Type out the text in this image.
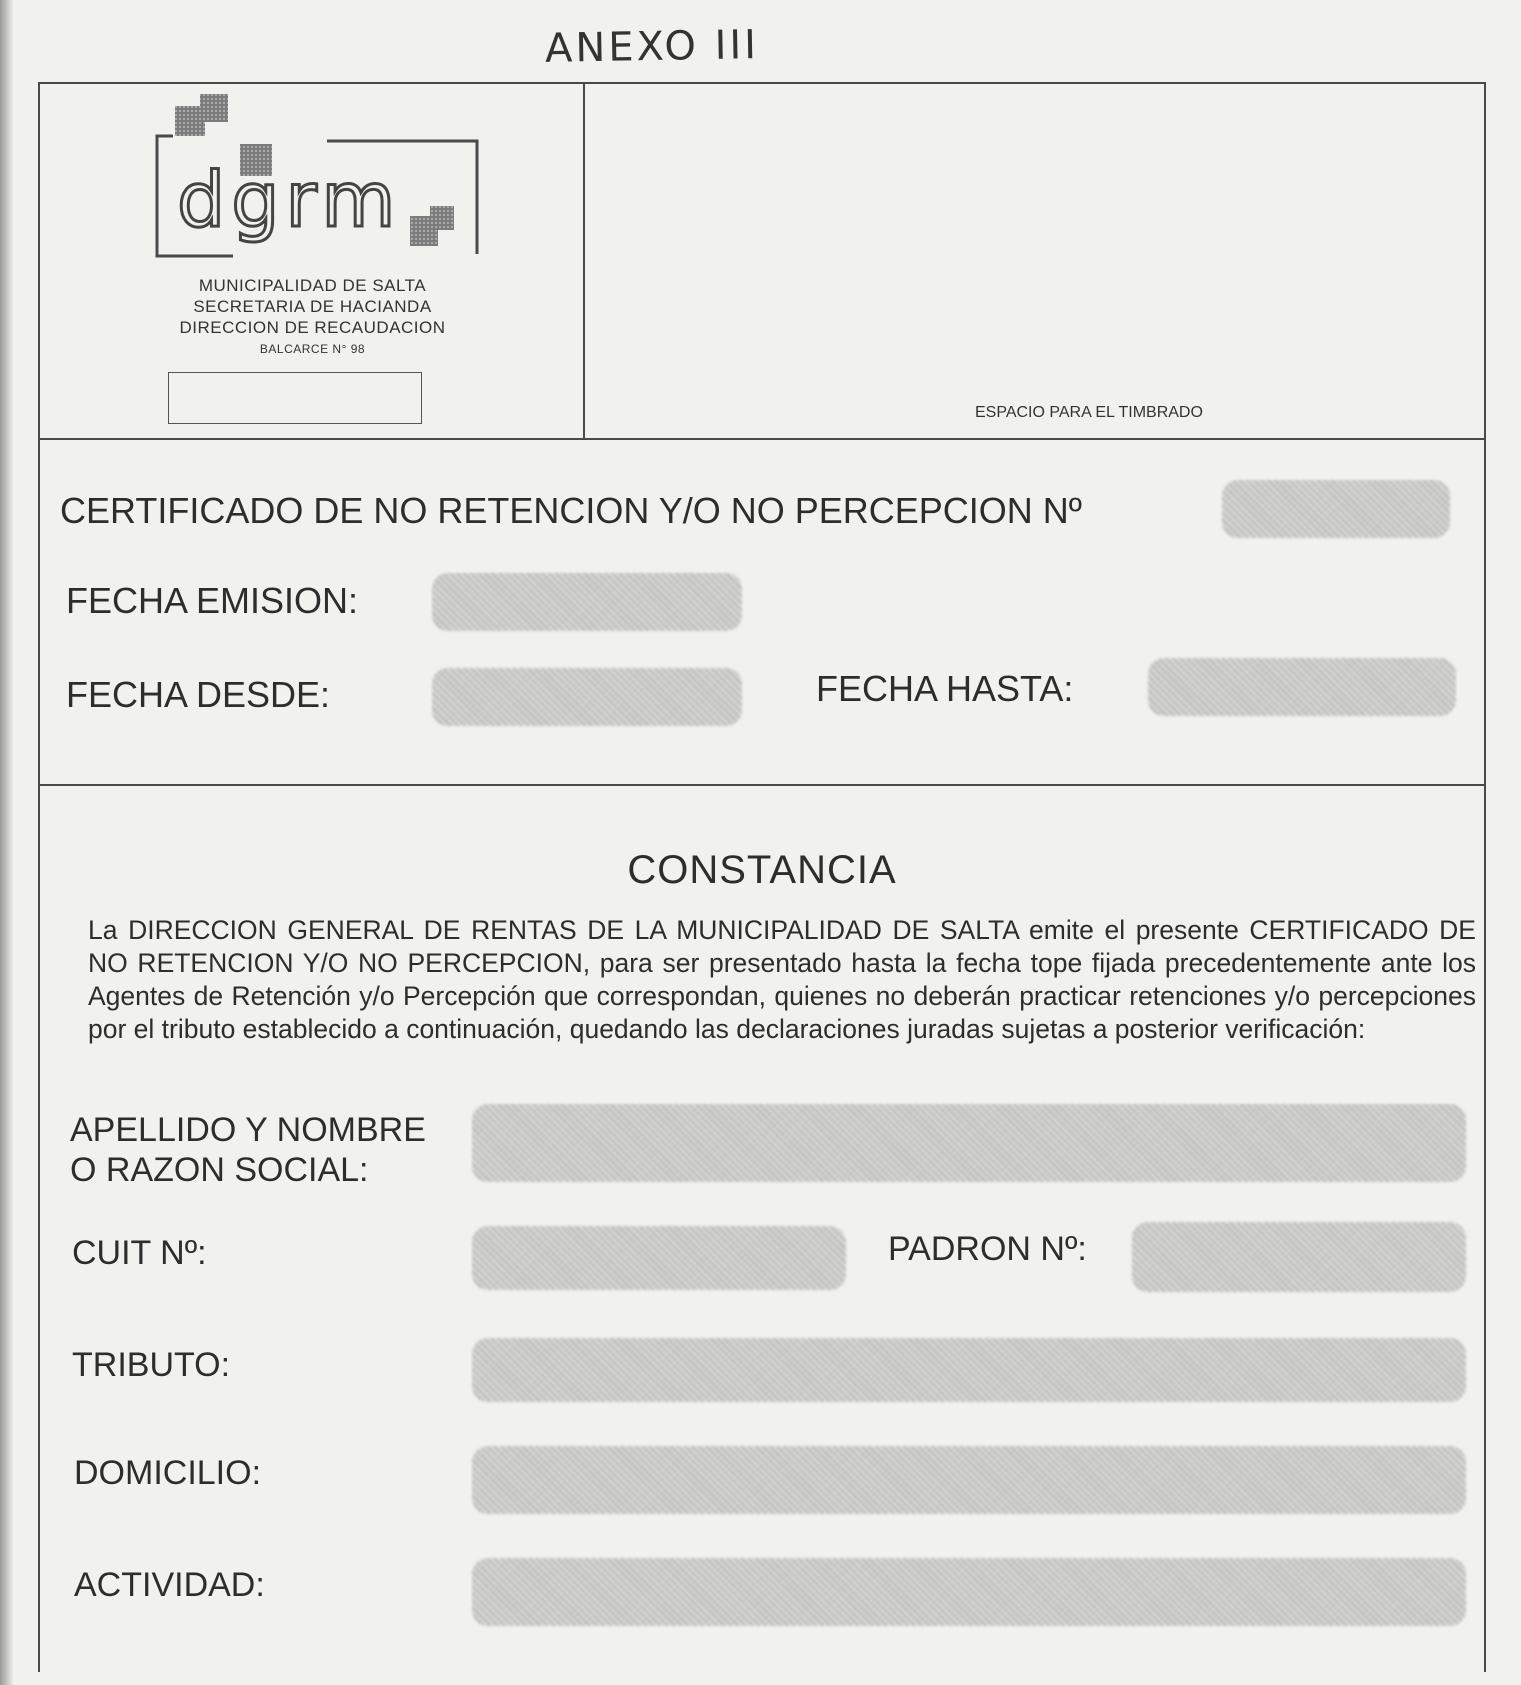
ANEXO III
dgrm
MUNICIPALIDAD DE SALTA
SECRETARIA DE HACIANDA
DIRECCION DE RECAUDACION
BALCARCE N° 98
ESPACIO PARA EL TIMBRADO
CERTIFICADO DE NO RETENCION Y/O NO PERCEPCION Nº
FECHA EMISION:
FECHA DESDE:	FECHA HASTA:
CONSTANCIA
La DIRECCION GENERAL DE RENTAS DE LA MUNICIPALIDAD DE SALTA emite el presente CERTIFICADO DE NO RETENCION Y/O NO PERCEPCION, para ser presentado hasta la fecha tope fijada precedentemente ante los Agentes de Retención y/o Percepción que correspondan, quienes no deberán practicar retenciones y/o percepciones por el tributo establecido a continuación, quedando las declaraciones juradas sujetas a posterior verificación:
APELLIDO Y NOMBRE
O RAZON SOCIAL:
CUIT Nº:	PADRON Nº:
TRIBUTO:
DOMICILIO:
ACTIVIDAD:
